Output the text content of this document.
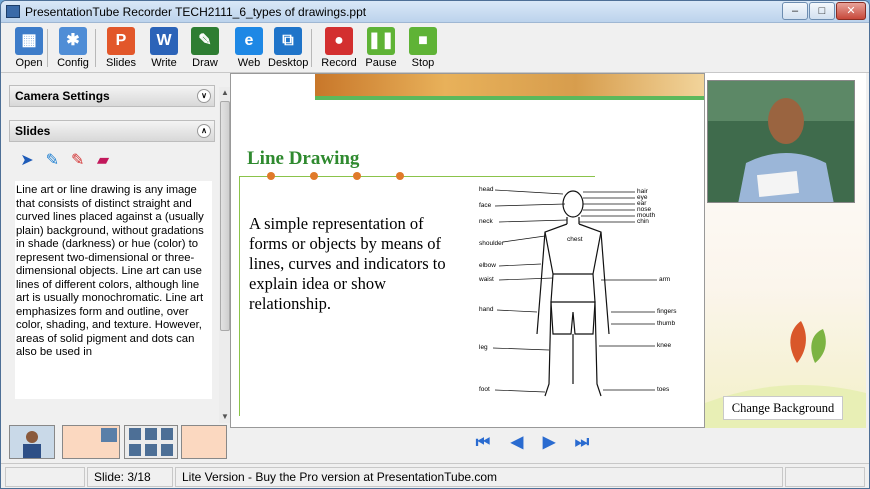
PresentationTube Recorder TECH2111_6_types of drawings.ppt	–	□	✕
▦
Open
✱
Config
P
Slides
W
Write
✎
Draw
e
Web
⧉
Desktop
●
Record
❚❚
Pause
■
Stop
Camera Settings	∨
Slides	∧
➤ ✎ ✎ ▰
Line art or line drawing is any image that consists of distinct straight and curved lines placed against a (usually plain) background, without gradations in shade (darkness) or hue (color) to represent two-dimensional or three-dimensional objects. Line art can use lines of different colors, although line art is usually monochromatic. Line art emphasizes form and outline, over color, shading, and texture. However, areas of solid pigment and dots can also be used in
▲
▼
Line Drawing
A simple representation of forms or objects by means of lines, curves and indicators to explain idea or show relationship.
head	hair
eye
ear
face
nose
mouth
neck	chin
chest
shoulder
elbow
arm
waist
hand	fingers
thumb
leg	knee
foot	toes
Change Background
⏮ ◀ ▶ ⏭
Slide: 3/18	Lite Version - Buy the Pro version at PresentationTube.com
